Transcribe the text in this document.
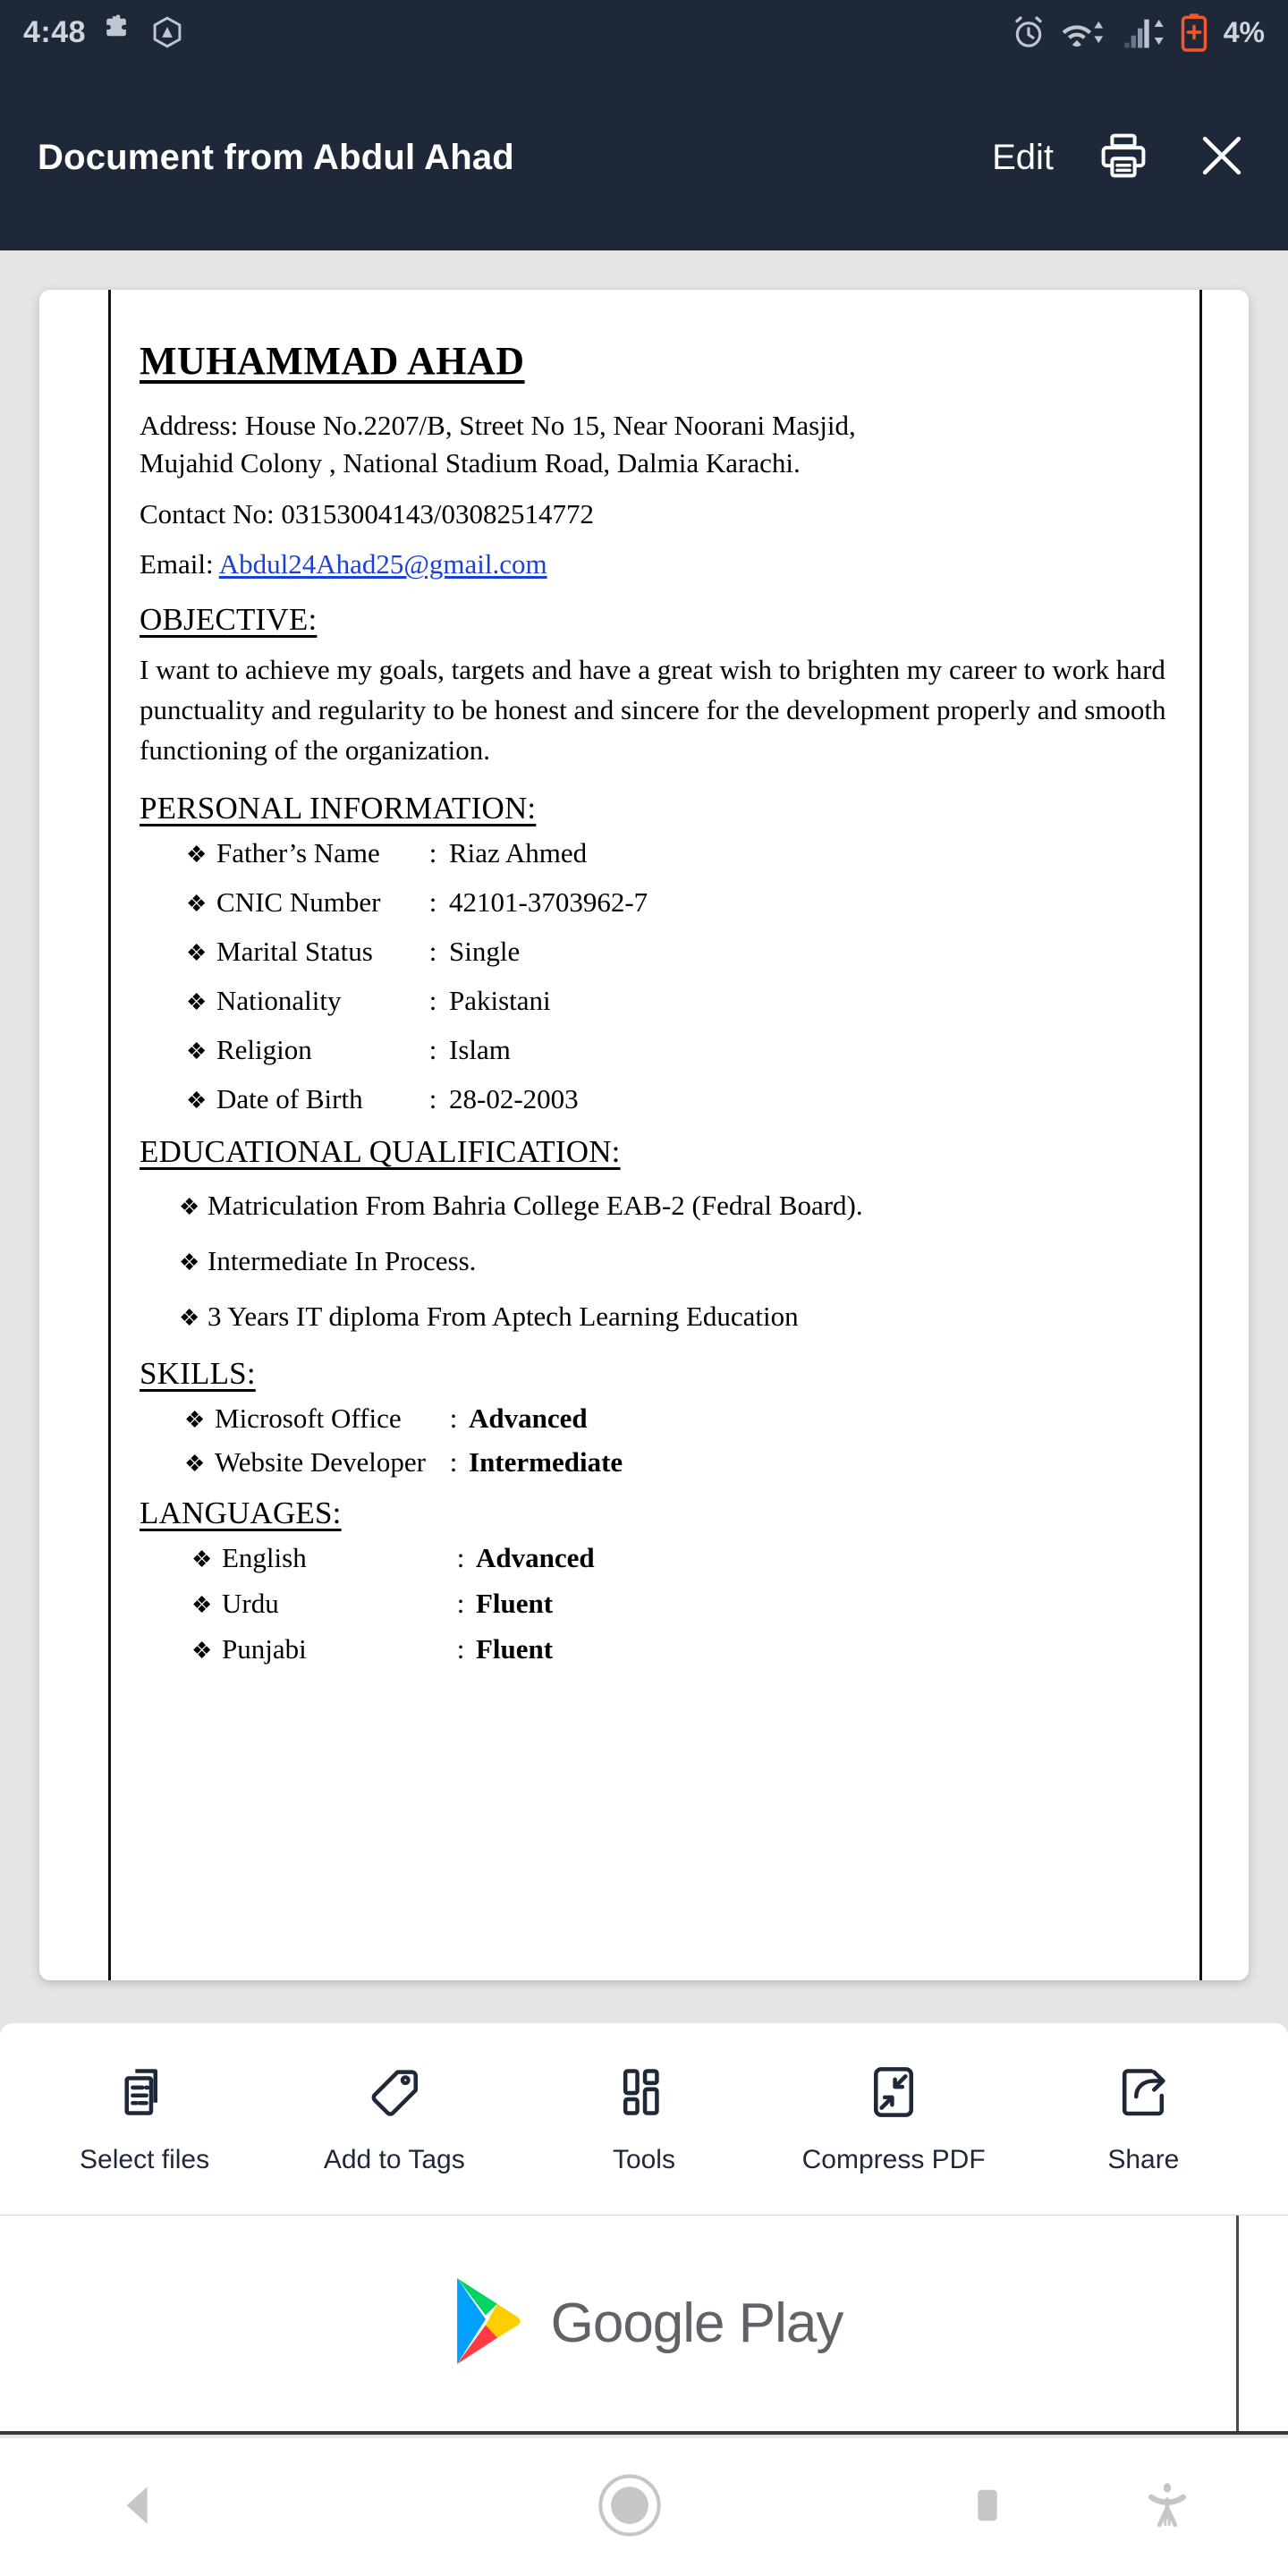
4:48	4%
Document from Abdul Ahad	Edit
MUHAMMAD AHAD
Address: House No.2207/B, Street No 15, Near Noorani Masjid,
Mujahid Colony , National Stadium Road, Dalmia Karachi.
Contact No: 03153004143/03082514772
Email: Abdul24Ahad25@gmail.com
OBJECTIVE:
I want to achieve my goals, targets and have a great wish to brighten my career to work hard punctuality and regularity to be honest and sincere for the development properly and smooth functioning of the organization.
PERSONAL INFORMATION:
❖ Father’s Name	: Riaz Ahmed
❖ CNIC Number	: 42101-3703962-7
❖ Marital Status	: Single
❖ Nationality	: Pakistani
❖ Religion	: Islam
❖ Date of Birth	: 28-02-2003
EDUCATIONAL QUALIFICATION:
❖ Matriculation From Bahria College EAB-2 (Fedral Board).
❖ Intermediate In Process.
❖ 3 Years IT diploma From Aptech Learning Education
SKILLS:
❖ Microsoft Office	: Advanced
❖ Website Developer : Intermediate
LANGUAGES:
❖ English	: Advanced
❖ Urdu	: Fluent
❖ Punjabi	: Fluent
Select files	Add to Tags	Tools	Compress PDF	Share
Google Play
